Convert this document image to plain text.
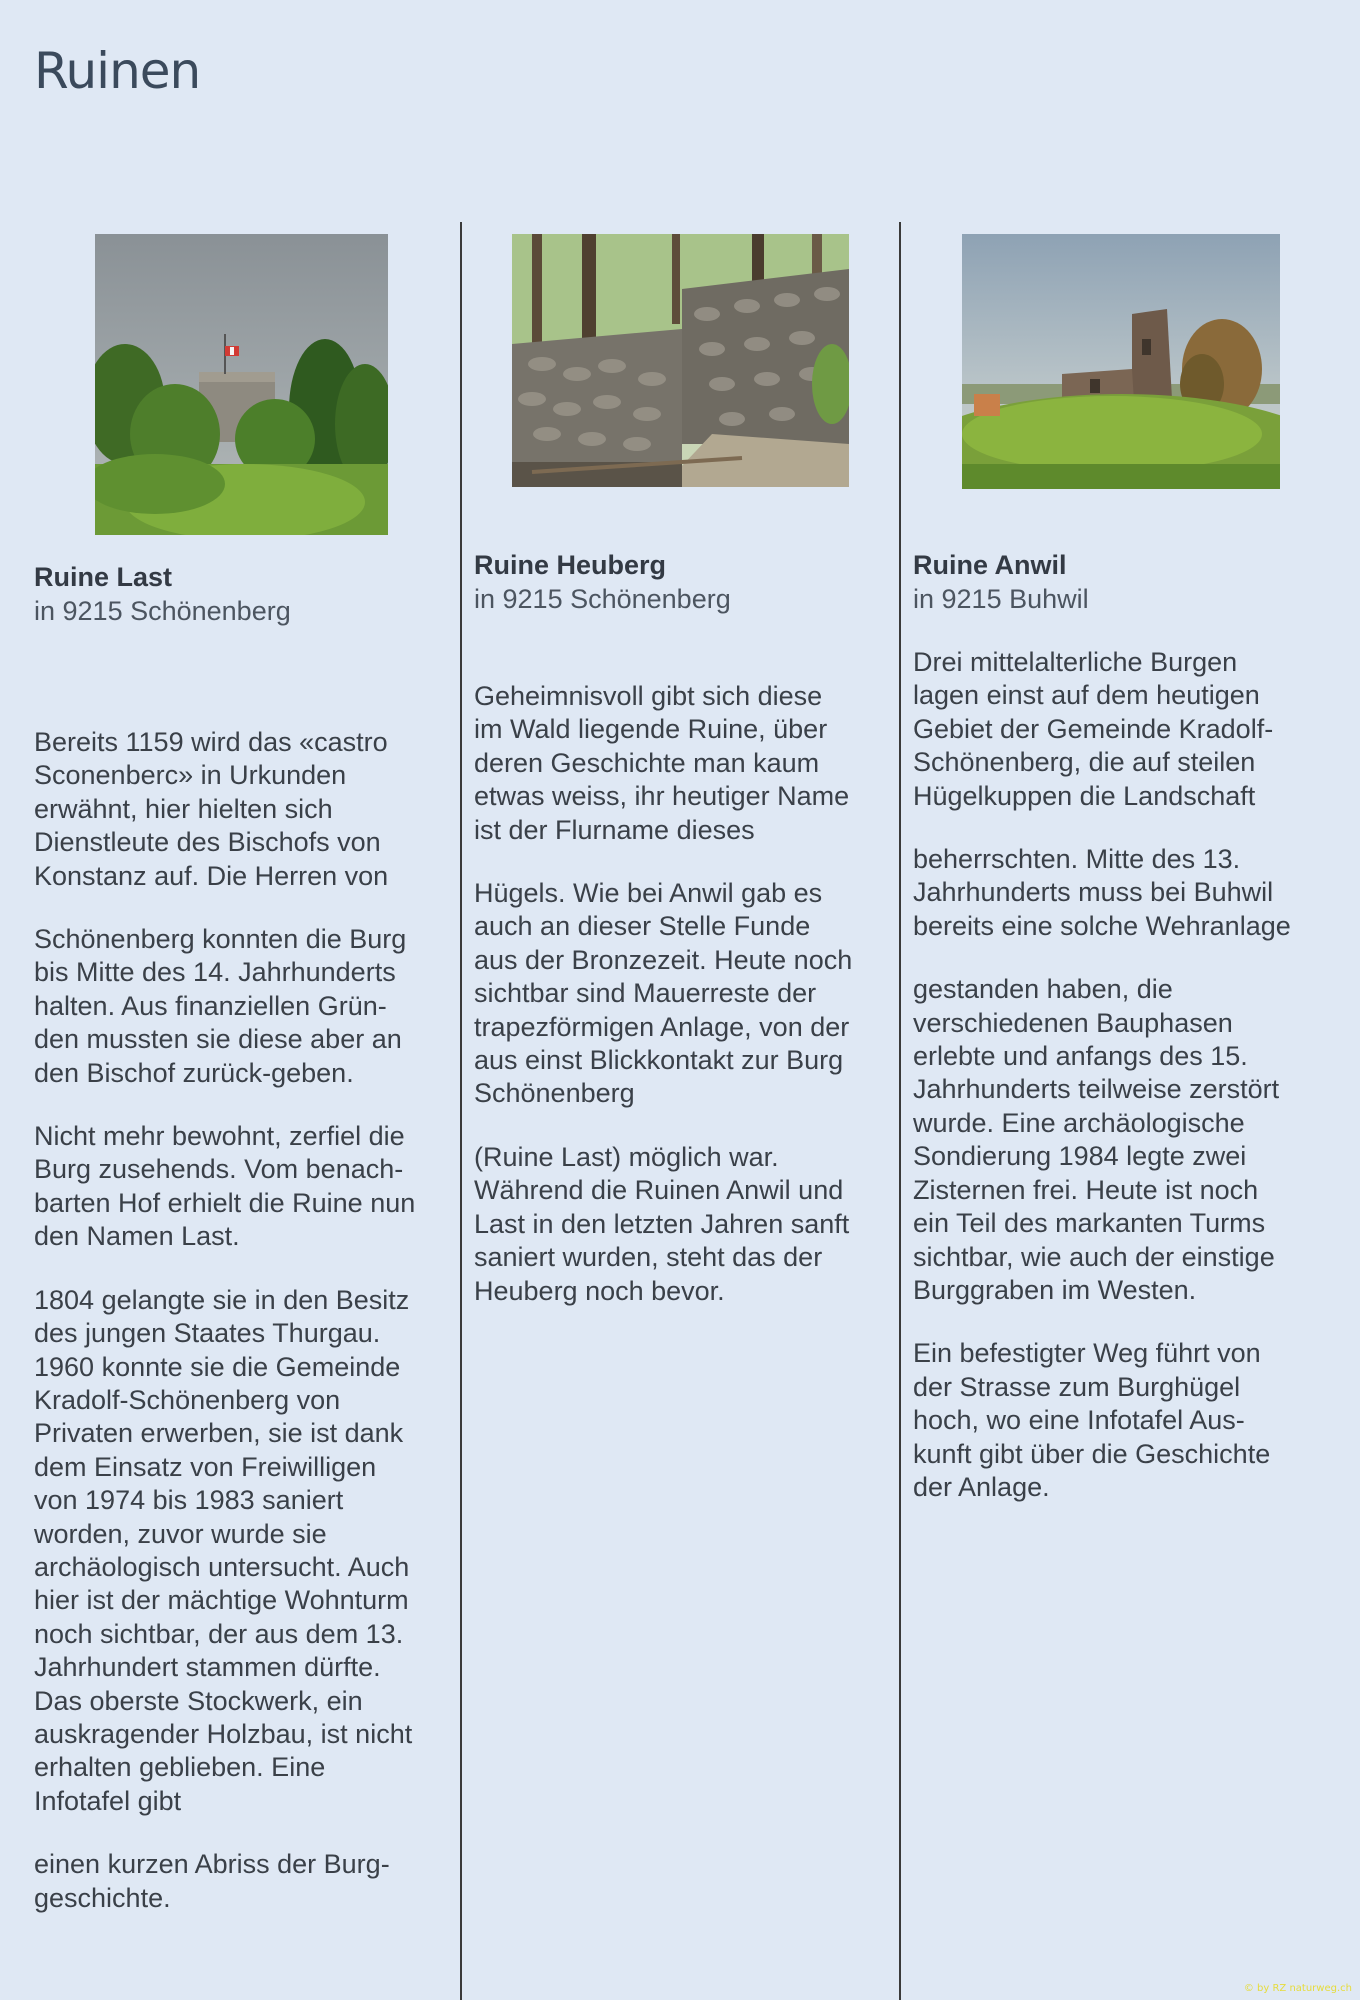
Ruinen
Ruine Last

in 9215 Schönenberg

Bereits 1159 wird das «castro
Sconenberc» in Urkunden
erwähnt, hier hielten sich
Dienstleute des Bischofs von
Konstanz auf. Die Herren von

Schönenberg konnten die Burg
bis Mitte des 14. Jahrhunderts
halten. Aus finanziellen Grün-
den mussten sie diese aber an
den Bischof zurück-geben.

Nicht mehr bewohnt, zerfiel die
Burg zusehends. Vom benach-
barten Hof erhielt die Ruine nun
den Namen Last.

1804 gelangte sie in den Besitz
des jungen Staates Thurgau.
1960 konnte sie die Gemeinde
Kradolf-Schönenberg von
Privaten erwerben, sie ist dank
dem Einsatz von Freiwilligen
von 1974 bis 1983 saniert
worden, zuvor wurde sie
archäologisch untersucht. Auch
hier ist der mächtige Wohnturm
noch sichtbar, der aus dem 13.
Jahrhundert stammen dürfte.
Das oberste Stockwerk, ein
auskragender Holzbau, ist nicht
erhalten geblieben. Eine
Infotafel gibt

einen kurzen Abriss der Burg-
geschichte.

Ruine Heuberg

in 9215 Schönenberg

Geheimnisvoll gibt sich diese
im Wald liegende Ruine, über
deren Geschichte man kaum
etwas weiss, ihr heutiger Name
ist der Flurname dieses

Hügels. Wie bei Anwil gab es
auch an dieser Stelle Funde
aus der Bronzezeit. Heute noch
sichtbar sind Mauerreste der
trapezförmigen Anlage, von der
aus einst Blickkontakt zur Burg
Schönenberg

(Ruine Last) möglich war.
Während die Ruinen Anwil und
Last in den letzten Jahren sanft
saniert wurden, steht das der
Heuberg noch bevor.

Ruine Anwil

in 9215 Buhwil

Drei mittelalterliche Burgen
lagen einst auf dem heutigen
Gebiet der Gemeinde Kradolf-
Schönenberg, die auf steilen
Hügelkuppen die Landschaft

beherrschten. Mitte des 13.
Jahrhunderts muss bei Buhwil
bereits eine solche Wehranlage

gestanden haben, die
verschiedenen Bauphasen
erlebte und anfangs des 15.
Jahrhunderts teilweise zerstört
wurde. Eine archäologische
Sondierung 1984 legte zwei
Zisternen frei. Heute ist noch
ein Teil des markanten Turms
sichtbar, wie auch der einstige
Burggraben im Westen.

Ein befestigter Weg führt von
der Strasse zum Burghügel
hoch, wo eine Infotafel Aus-
kunft gibt über die Geschichte
der Anlage.

© by RZ naturweg.ch
